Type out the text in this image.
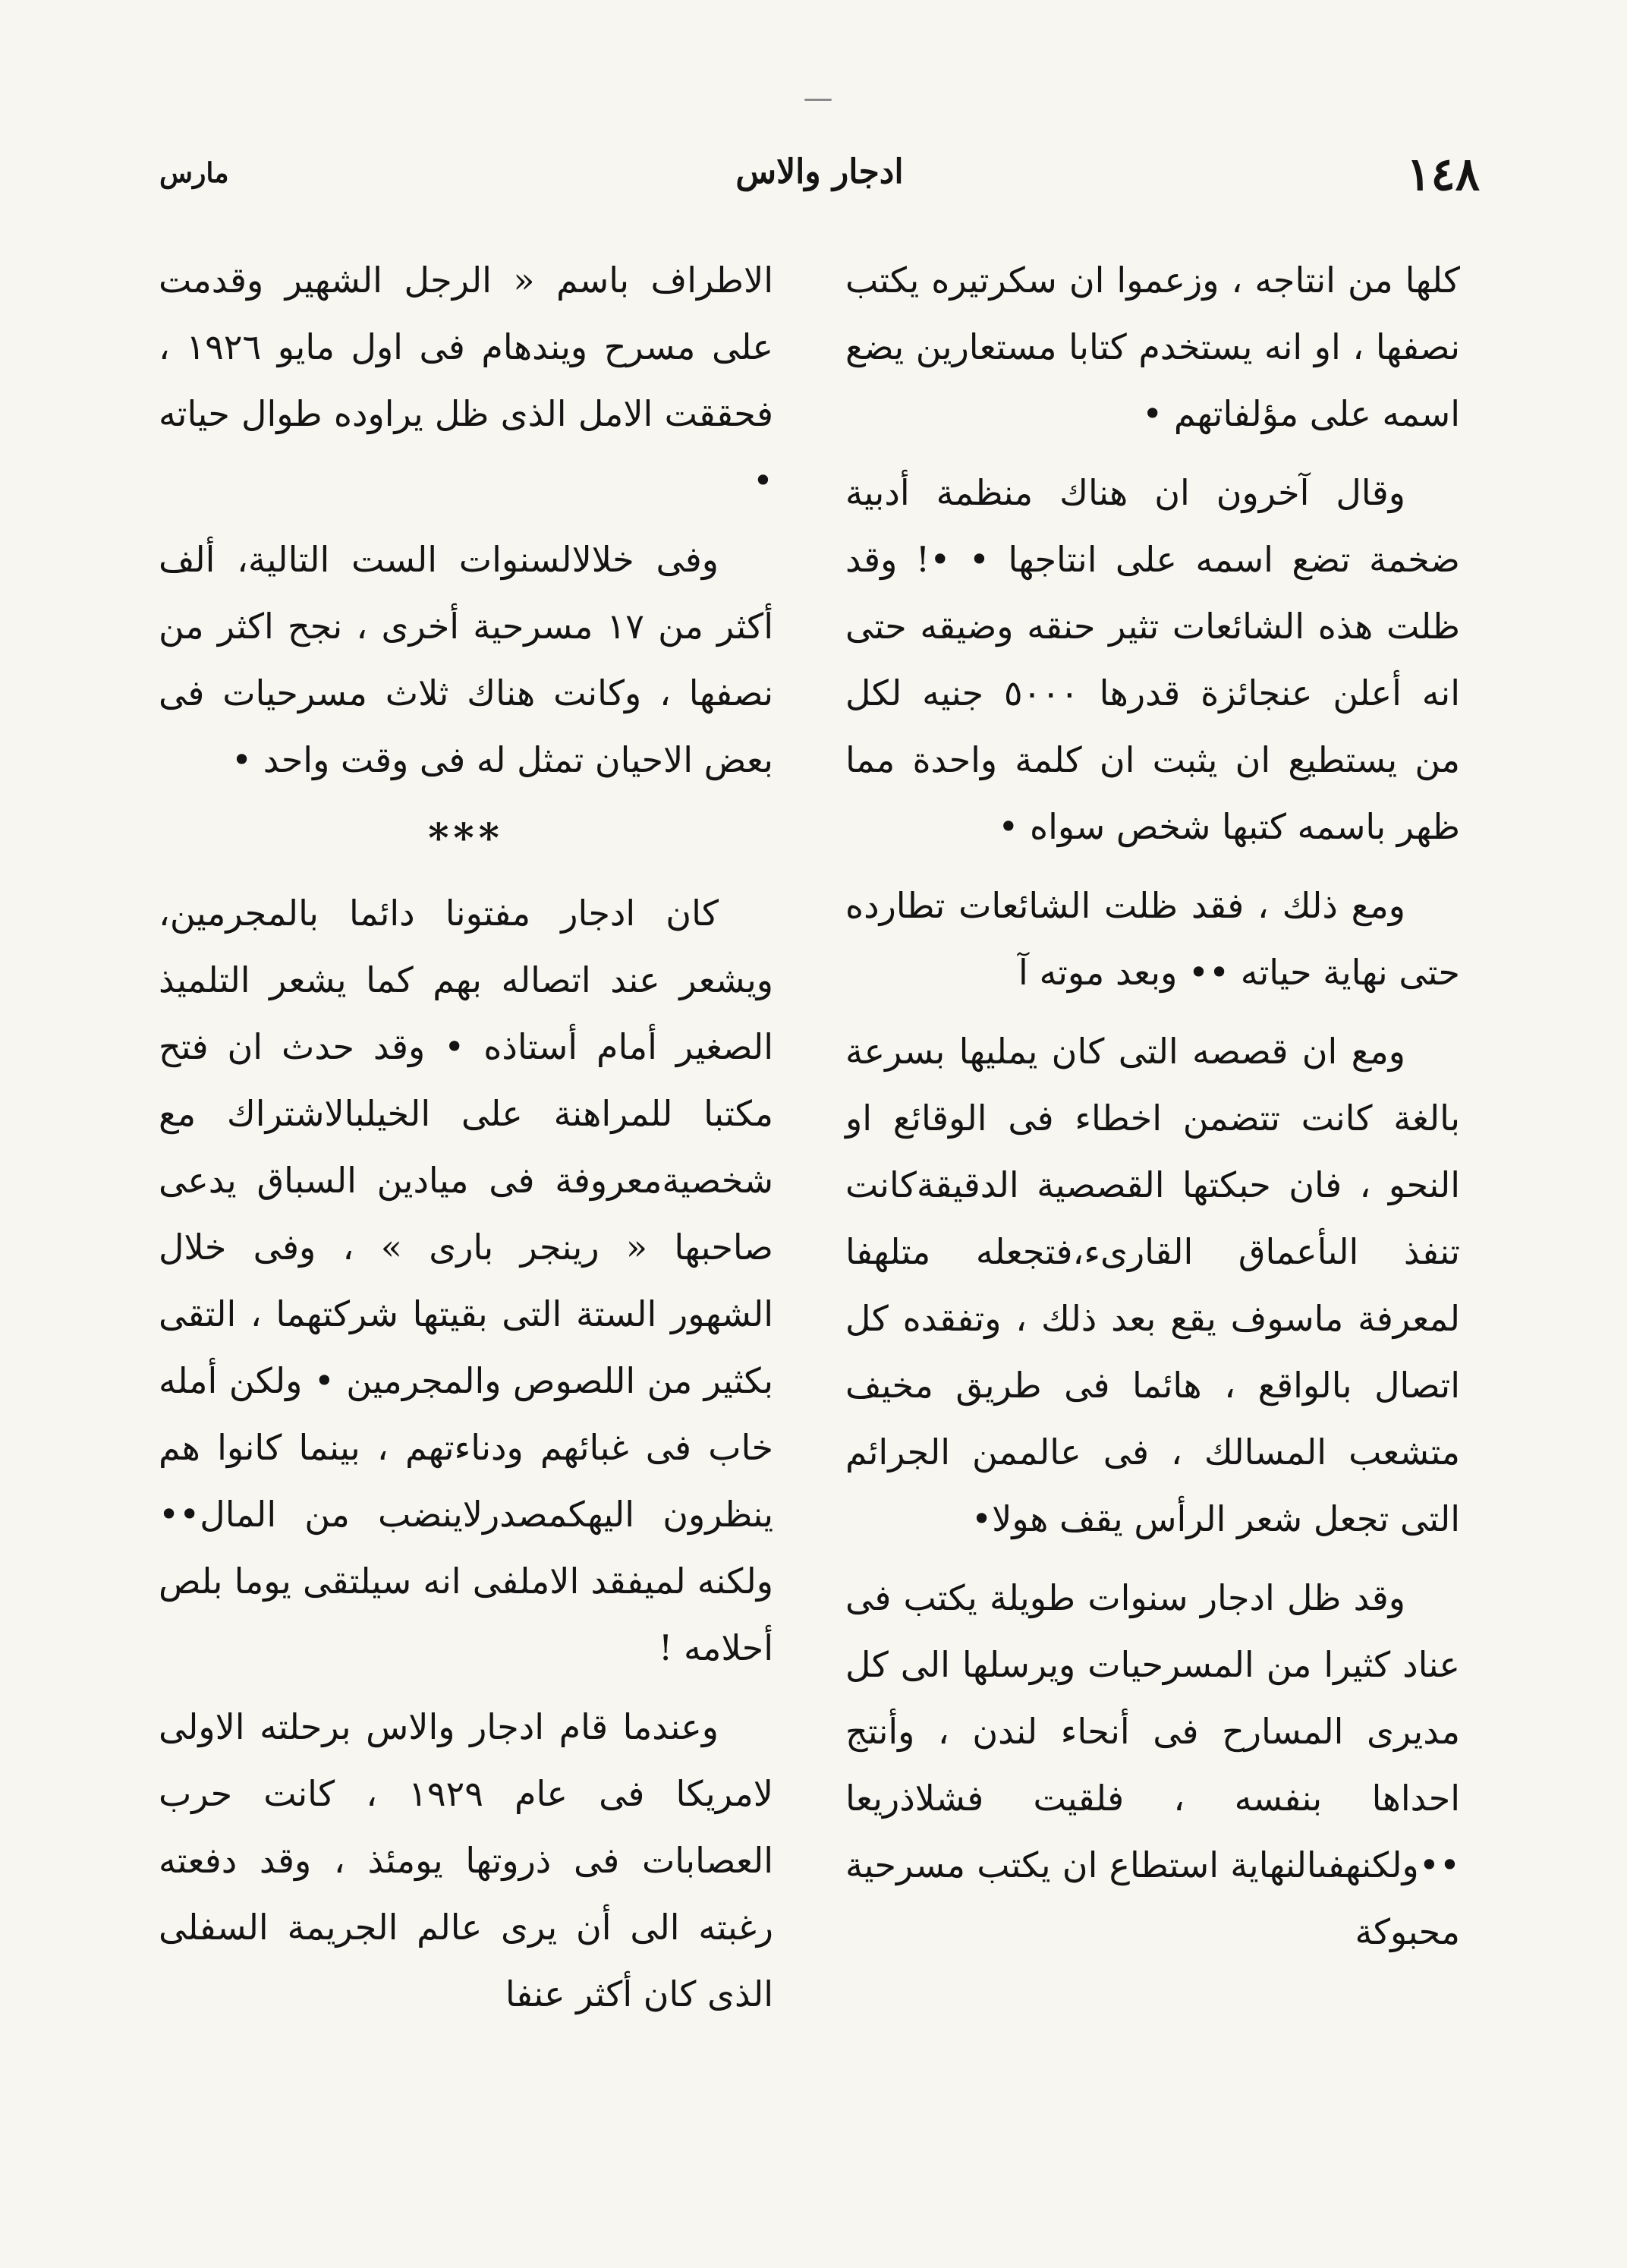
١٤٨
ادجار والاس
مارس

كلها من انتاجه ، وزعموا ان سكرتيره يكتب نصفها ، او انه يستخدم كتابا مستعارين يضع اسمه على مؤلفاتهم •

وقال آخرون ان هناك منظمة أدبية ضخمة تضع اسمه على انتاجها • •! وقد ظلت هذه الشائعات تثير حنقه وضيقه حتى انه أعلن عنجائزة قدرها ٥٠٠٠ جنيه لكل من يستطيع ان يثبت ان كلمة واحدة مما ظهر باسمه كتبها شخص سواه •

ومع ذلك ، فقد ظلت الشائعات تطارده حتى نهاية حياته •• وبعد موته آ

ومع ان قصصه التى كان يمليها بسرعة بالغة كانت تتضمن اخطاء فى الوقائع او النحو ، فان حبكتها القصصية الدقيقةكانت تنفذ الىأعماق القارىء،فتجعله متلهفا لمعرفة ماسوف يقع بعد ذلك ، وتفقده كل اتصال بالواقع ، هائما فى طريق مخيف متشعب المسالك ، فى عالممن الجرائم التى تجعل شعر الرأس يقف هولا•

وقد ظل ادجار سنوات طويلة يكتب فى عناد كثيرا من المسرحيات ويرسلها الى كل مديرى المسارح فى أنحاء لندن ، وأنتج احداها بنفسه ، فلقيت فشلاذريعا ••ولكنهفىالنهاية استطاع ان يكتب مسرحية محبوكة

الاطراف باسم « الرجل الشهير وقدمت على مسرح ويندهام فى اول مايو ١٩٢٦ ، فحققت الامل الذى ظل يراوده طوال حياته •

وفى خلالالسنوات الست التالية، ألف أكثر من ١٧ مسرحية أخرى ، نجح اكثر من نصفها ، وكانت هناك ثلاث مسرحيات فى بعض الاحيان تمثل له فى وقت واحد •

***

كان ادجار مفتونا دائما بالمجرمين، ويشعر عند اتصاله بهم كما يشعر التلميذ الصغير أمام أستاذه • وقد حدث ان فتح مكتبا للمراهنة على الخيلبالاشتراك مع شخصيةمعروفة فى ميادين السباق يدعى صاحبها « رينجر بارى » ، وفى خلال الشهور الستة التى بقيتها شركتهما ، التقى بكثير من اللصوص والمجرمين • ولكن أمله خاب فى غبائهم ودناءتهم ، بينما كانوا هم ينظرون اليهكمصدرلاينضب من المال•• ولكنه لميفقد الاملفى انه سيلتقى يوما بلص أحلامه !

وعندما قام ادجار والاس برحلته الاولى لامريكا فى عام ١٩٢٩ ، كانت حرب العصابات فى ذروتها يومئذ ، وقد دفعته رغبته الى أن يرى عالم الجريمة السفلى الذى كان أكثر عنفا
